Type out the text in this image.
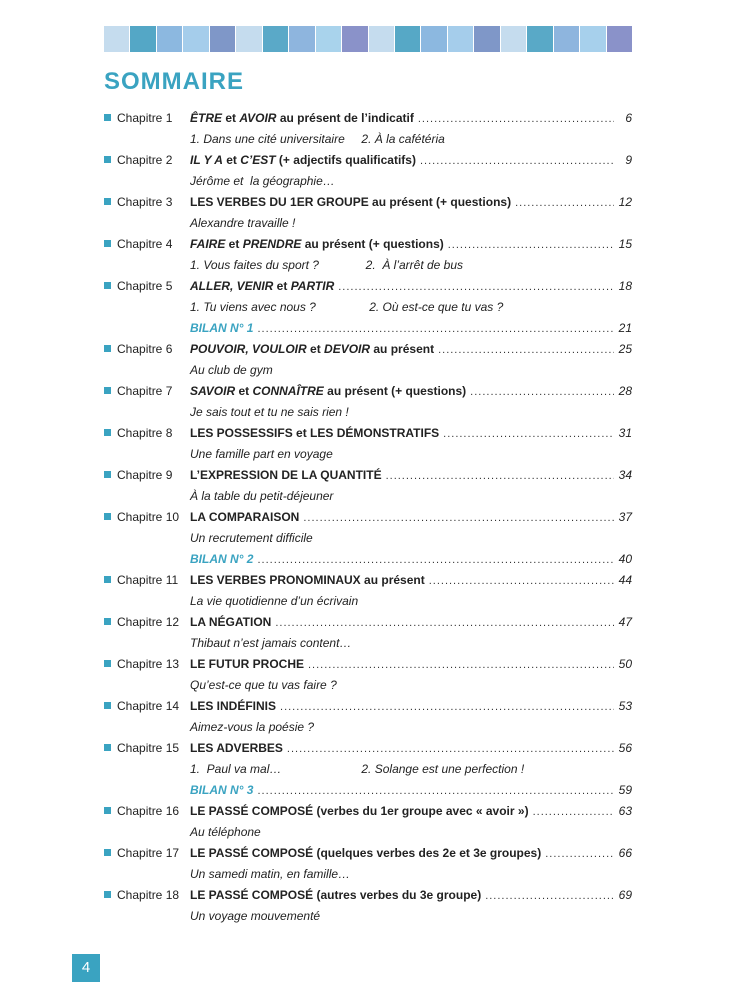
SOMMAIRE
Chapitre 1	ÊTRE et AVOIR au présent de l’indicatif .....	6
1. Dans une cité universitaire     2. À la cafétéria
Chapitre 2	IL Y A et C’EST (+ adjectifs qualificatifs) .....	9
Jérôme et  la géographie…
Chapitre 3	LES VERBES DU 1ER GROUPE au présent (+ questions) .....	12
Alexandre travaille !
Chapitre 4	FAIRE et PRENDRE au présent (+ questions) .....	15
1. Vous faites du sport ?              2.  À l’arrêt de bus
Chapitre 5	ALLER, VENIR et PARTIR .....	18
1. Tu viens avec nous ?                2. Où est-ce que tu vas ?
BILAN N° 1 .....	21
Chapitre 6	POUVOIR, VOULOIR et DEVOIR au présent .....	25
Au club de gym
Chapitre 7	SAVOIR et CONNAÎTRE au présent (+ questions) .....	28
Je sais tout et tu ne sais rien !
Chapitre 8	LES POSSESSIFS et LES DÉMONSTRATIFS .....	31
Une famille part en voyage
Chapitre 9	L’EXPRESSION DE LA QUANTITÉ .....	34
À la table du petit-déjeuner
Chapitre 10 LA COMPARAISON .....	37
Un recrutement difficile
BILAN N° 2 .....	40
Chapitre 11 LES VERBES PRONOMINAUX au présent .....	44
La vie quotidienne d’un écrivain
Chapitre 12 LA NÉGATION .....	47
Thibaut n’est jamais content…
Chapitre 13 LE FUTUR PROCHE .....	50
Qu’est-ce que tu vas faire ?
Chapitre 14 LES INDÉFINIS .....	53
Aimez-vous la poésie ?
Chapitre 15 LES ADVERBES .....	56
1.  Paul va mal…                        2. Solange est une perfection !
BILAN N° 3 .....	59
Chapitre 16 LE PASSÉ COMPOSÉ (verbes du 1er groupe avec « avoir ») .....	63
Au téléphone
Chapitre 17 LE PASSÉ COMPOSÉ (quelques verbes des 2e et 3e groupes) .....	66
Un samedi matin, en famille…
Chapitre 18 LE PASSÉ COMPOSÉ (autres verbes du 3e groupe) .....	69
Un voyage mouvementé
4
